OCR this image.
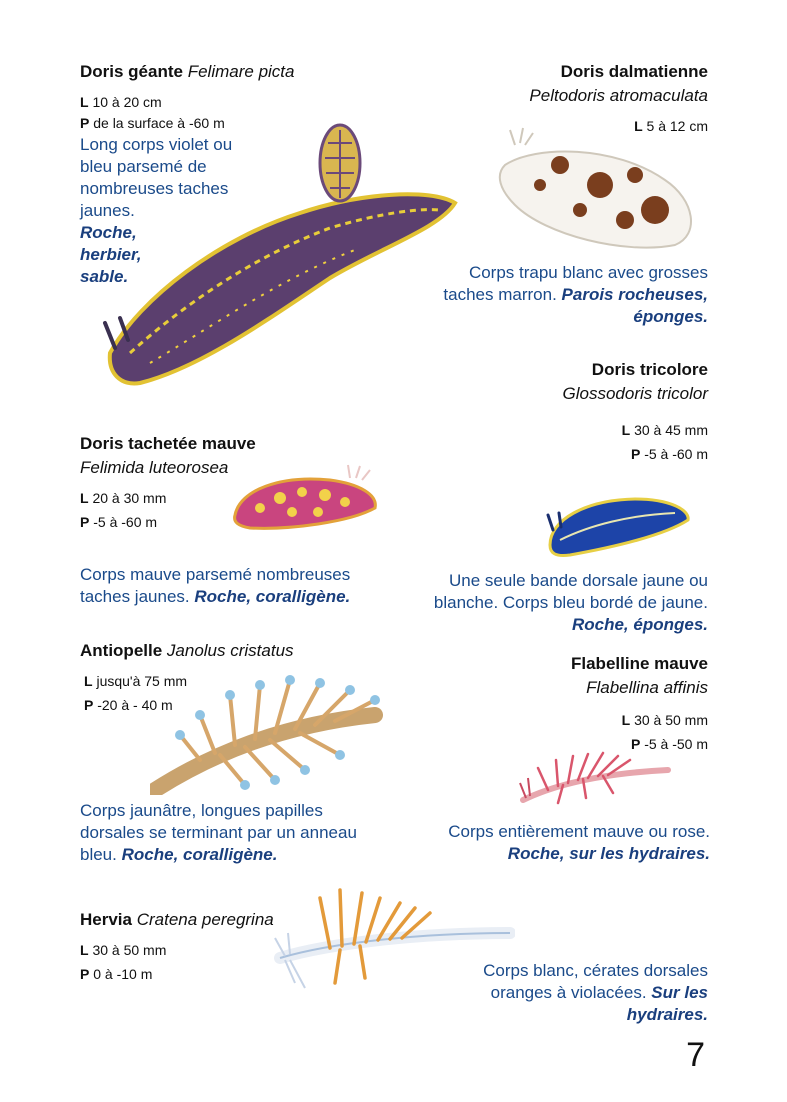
Doris géante Felimare picta
L 10 à 20 cm
P de la surface à -60 m
Long corps violet ou bleu parsemé de nombreuses taches jaunes.
Roche, herbier, sable.
Doris dalmatienne
Peltodoris atromaculata
L 5 à 12 cm
Corps trapu blanc avec grosses taches marron. Parois rocheuses, éponges.
Doris tricolore
Glossodoris tricolor
L 30 à 45 mm
P -5 à -60 m
Une seule bande dorsale jaune ou blanche. Corps bleu bordé de jaune. Roche, éponges.
Doris tachetée mauve
Felimida luteorosea
L 20 à 30 mm
P -5 à -60 m
Corps mauve parsemé nombreuses taches jaunes. Roche, coralligène.
Antiopelle Janolus cristatus
L jusqu'à 75 mm
P -20 à - 40 m
Corps jaunâtre, longues papilles dorsales se terminant par un anneau bleu. Roche, coralligène.
Flabelline mauve
Flabellina affinis
L 30 à 50 mm
P -5 à -50 m
Corps entièrement mauve ou rose. Roche, sur les hydraires.
Hervia Cratena peregrina
L 30 à 50 mm
P 0 à -10 m	Corps blanc, cérates dorsales oranges à violacées. Sur les hydraires.
7
